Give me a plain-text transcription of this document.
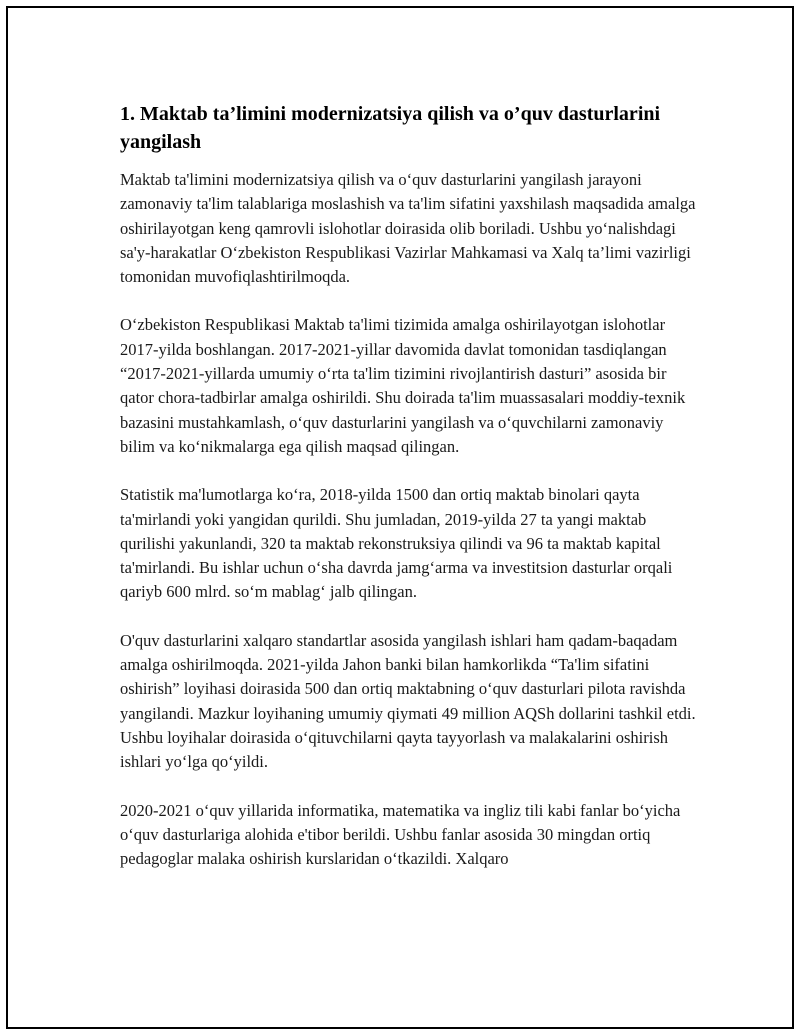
1. Maktab ta’limini modernizatsiya qilish va o’quv dasturlarini yangilash

Maktab ta'limini modernizatsiya qilish va o‘quv dasturlarini yangilash jarayoni zamonaviy ta'lim talablariga moslashish va ta'lim sifatini yaxshilash maqsadida amalga oshirilayotgan keng qamrovli islohotlar doirasida olib boriladi. Ushbu yo‘nalishdagi sa'y-harakatlar O‘zbekiston Respublikasi Vazirlar Mahkamasi va Xalq ta’limi vazirligi tomonidan muvofiqlashtirilmoqda.

O‘zbekiston Respublikasi Maktab ta'limi tizimida amalga oshirilayotgan islohotlar 2017-yilda boshlangan. 2017-2021-yillar davomida davlat tomonidan tasdiqlangan “2017-2021-yillarda umumiy o‘rta ta'lim tizimini rivojlantirish dasturi” asosida bir qator chora-tadbirlar amalga oshirildi. Shu doirada ta'lim muassasalari moddiy-texnik bazasini mustahkamlash, o‘quv dasturlarini yangilash va o‘quvchilarni zamonaviy bilim va ko‘nikmalarga ega qilish maqsad qilingan.

Statistik ma'lumotlarga ko‘ra, 2018-yilda 1500 dan ortiq maktab binolari qayta ta'mirlandi yoki yangidan qurildi. Shu jumladan, 2019-yilda 27 ta yangi maktab qurilishi yakunlandi, 320 ta maktab rekonstruksiya qilindi va 96 ta maktab kapital ta'mirlandi. Bu ishlar uchun o‘sha davrda jamg‘arma va investitsion dasturlar orqali qariyb 600 mlrd. so‘m mablag‘ jalb qilingan.

O'quv dasturlarini xalqaro standartlar asosida yangilash ishlari ham qadam-baqadam amalga oshirilmoqda. 2021-yilda Jahon banki bilan hamkorlikda “Ta'lim sifatini oshirish” loyihasi doirasida 500 dan ortiq maktabning o‘quv dasturlari pilota ravishda yangilandi. Mazkur loyihaning umumiy qiymati 49 million AQSh dollarini tashkil etdi. Ushbu loyihalar doirasida o‘qituvchilarni qayta tayyorlash va malakalarini oshirish ishlari yo‘lga qo‘yildi.

2020-2021 o‘quv yillarida informatika, matematika va ingliz tili kabi fanlar bo‘yicha o‘quv dasturlariga alohida e'tibor berildi. Ushbu fanlar asosida 30 mingdan ortiq pedagoglar malaka oshirish kurslaridan o‘tkazildi. Xalqaro
